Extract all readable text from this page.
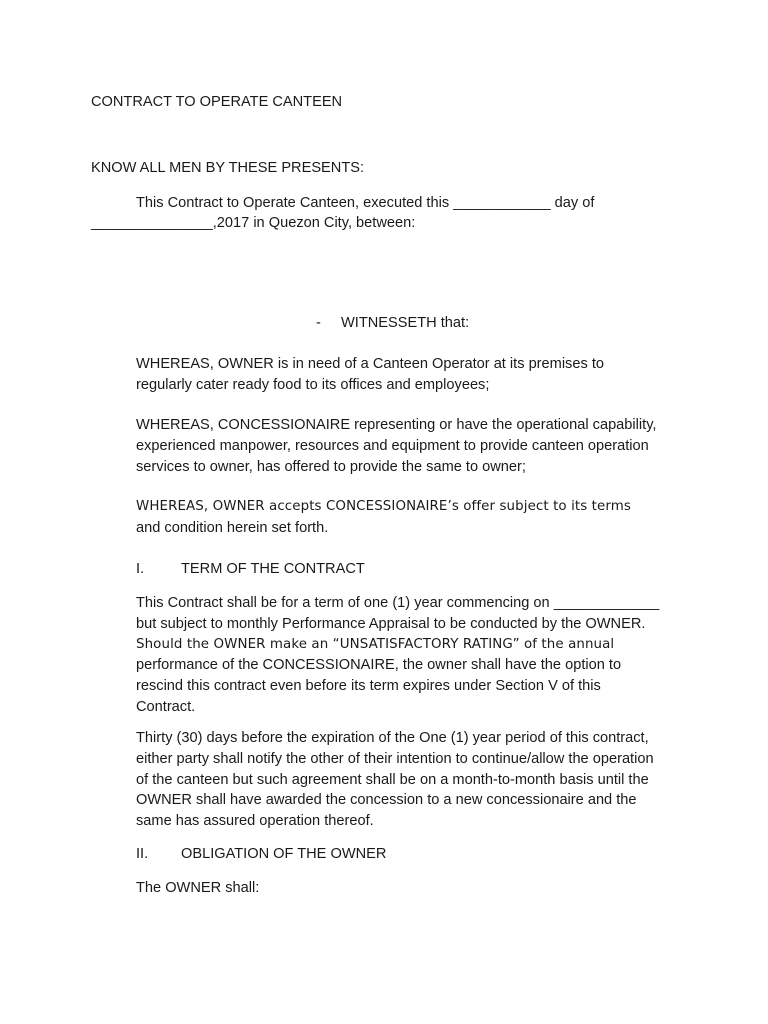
CONTRACT TO OPERATE CANTEEN
KNOW ALL MEN BY THESE PRESENTS:
This Contract to Operate Canteen, executed this ____________ day of
_______________,2017 in Quezon City, between:
- WITNESSETH that:
WHEREAS, OWNER is in need of a Canteen Operator at its premises to
regularly cater ready food to its offices and employees;
WHEREAS, CONCESSIONAIRE representing or have the operational capability,
experienced manpower, resources and equipment to provide canteen operation
services to owner, has offered to provide the same to owner;
WHEREAS, OWNER accepts CONCESSIONAIRE’s offer subject to its terms
and condition herein set forth.
I.	TERM OF THE CONTRACT
This Contract shall be for a term of one (1) year commencing on _____________
but subject to monthly Performance Appraisal to be conducted by the OWNER.
Should the OWNER make an “UNSATISFACTORY RATING” of the annual
performance of the CONCESSIONAIRE, the owner shall have the option to
rescind this contract even before its term expires under Section V of this
Contract.
Thirty (30) days before the expiration of the One (1) year period of this contract,
either party shall notify the other of their intention to continue/allow the operation
of the canteen but such agreement shall be on a month-to-month basis until the
OWNER shall have awarded the concession to a new concessionaire and the
same has assured operation thereof.
II. OBLIGATION OF THE OWNER
The OWNER shall:
